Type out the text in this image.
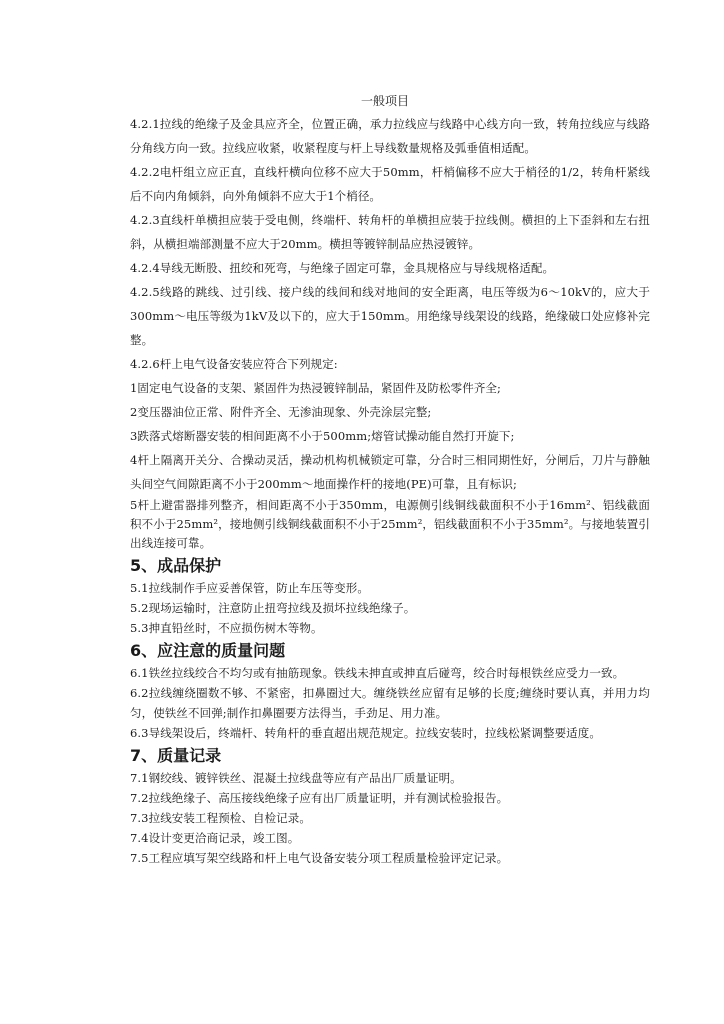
一般项目

4.2.1拉线的绝缘子及金具应齐全，位置正确，承力拉线应与线路中心线方向一致，转角拉线应与线路分角线方向一致。拉线应收紧，收紧程度与杆上导线数量规格及弧垂值相适配。

4.2.2电杆组立应正直，直线杆横向位移不应大于50mm，杆梢偏移不应大于梢径的1/2，转角杆紧线后不向内角倾斜，向外角倾斜不应大于1个梢径。

4.2.3直线杆单横担应装于受电侧，终端杆、转角杆的单横担应装于拉线侧。横担的上下歪斜和左右扭斜，从横担端部测量不应大于20mm。横担等镀锌制品应热浸镀锌。

4.2.4导线无断股、扭绞和死弯，与绝缘子固定可靠，金具规格应与导线规格适配。

4.2.5线路的跳线、过引线、接户线的线间和线对地间的安全距离，电压等级为6～10kV的，应大于300mm～电压等级为1kV及以下的，应大于150mm。用绝缘导线架设的线路，绝缘破口处应修补完整。

4.2.6杆上电气设备安装应符合下列规定:

1固定电气设备的支架、紧固件为热浸镀锌制品，紧固件及防松零件齐全;

2变压器油位正常、附件齐全、无渗油现象、外壳涂层完整;

3跌落式熔断器安装的相间距离不小于500mm;熔管试操动能自然打开旋下;

4杆上隔离开关分、合操动灵活，操动机构机械锁定可靠，分合时三相同期性好，分闸后，刀片与静触头间空气间隙距离不小于200mm～地面操作杆的接地(PE)可靠，且有标识;

5杆上避雷器排列整齐，相间距离不小于350mm，电源侧引线铜线截面积不小于16mm²、铝线截面积不小于25mm²，接地侧引线铜线截面积不小于25mm²，铝线截面积不小于35mm²。与接地装置引出线连接可靠。

5、成品保护

5.1拉线制作手应妥善保管，防止车压等变形。

5.2现场运输时，注意防止扭弯拉线及损坏拉线绝缘子。

5.3抻直铅丝时，不应损伤树木等物。

6、应注意的质量问题

6.1铁丝拉线绞合不均匀或有抽筋现象。铁线未抻直或抻直后碰弯，绞合时每根铁丝应受力一致。

6.2拉线缠绕圈数不够、不紧密，扣鼻圈过大。缠绕铁丝应留有足够的长度;缠绕时要认真，并用力均匀，使铁丝不回弹;制作扣鼻圈要方法得当，手劲足、用力准。

6.3导线架设后，终端杆、转角杆的垂直超出规范规定。拉线安装时，拉线松紧调整要适度。

7、质量记录

7.1钢绞线、镀锌铁丝、混凝土拉线盘等应有产品出厂质量证明。

7.2拉线绝缘子、高压接线绝缘子应有出厂质量证明，并有测试检验报告。

7.3拉线安装工程预检、自检记录。

7.4设计变更洽商记录，竣工图。

7.5工程应填写架空线路和杆上电气设备安装分项工程质量检验评定记录。
